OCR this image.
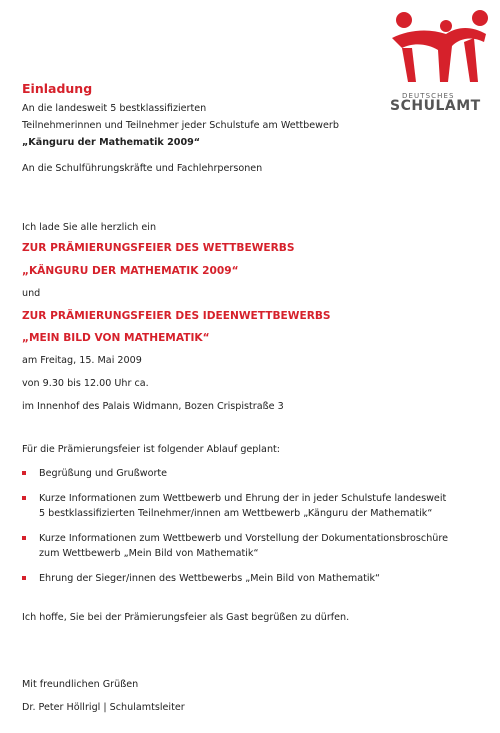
DEUTSCHES
SCHULAMT
Einladung
An die landesweit 5 bestklassifizierten
Teilnehmerinnen und Teilnehmer jeder Schulstufe am Wettbewerb
„Känguru der Mathematik 2009“
An die Schulführungskräfte und Fachlehrpersonen
Ich lade Sie alle herzlich ein
ZUR PRÄMIERUNGSFEIER DES WETTBEWERBS
„KÄNGURU DER MATHEMATIK 2009“
und
ZUR PRÄMIERUNGSFEIER DES IDEENWETTBEWERBS
„MEIN BILD VON MATHEMATIK“
am Freitag, 15. Mai 2009
von 9.30 bis 12.00 Uhr ca.
im Innenhof des Palais Widmann, Bozen Crispistraße 3
Für die Prämierungsfeier ist folgender Ablauf geplant:
Begrüßung und Grußworte
Kurze Informationen zum Wettbewerb und Ehrung der in jeder Schulstufe landesweit
5 bestklassifizierten Teilnehmer/innen am Wettbewerb „Känguru der Mathematik“
Kurze Informationen zum Wettbewerb und Vorstellung der Dokumentationsbroschüre
zum Wettbewerb „Mein Bild von Mathematik“
Ehrung der Sieger/innen des Wettbewerbs „Mein Bild von Mathematik“
Ich hoffe, Sie bei der Prämierungsfeier als Gast begrüßen zu dürfen.
Mit freundlichen Grüßen
Dr. Peter Höllrigl | Schulamtsleiter
